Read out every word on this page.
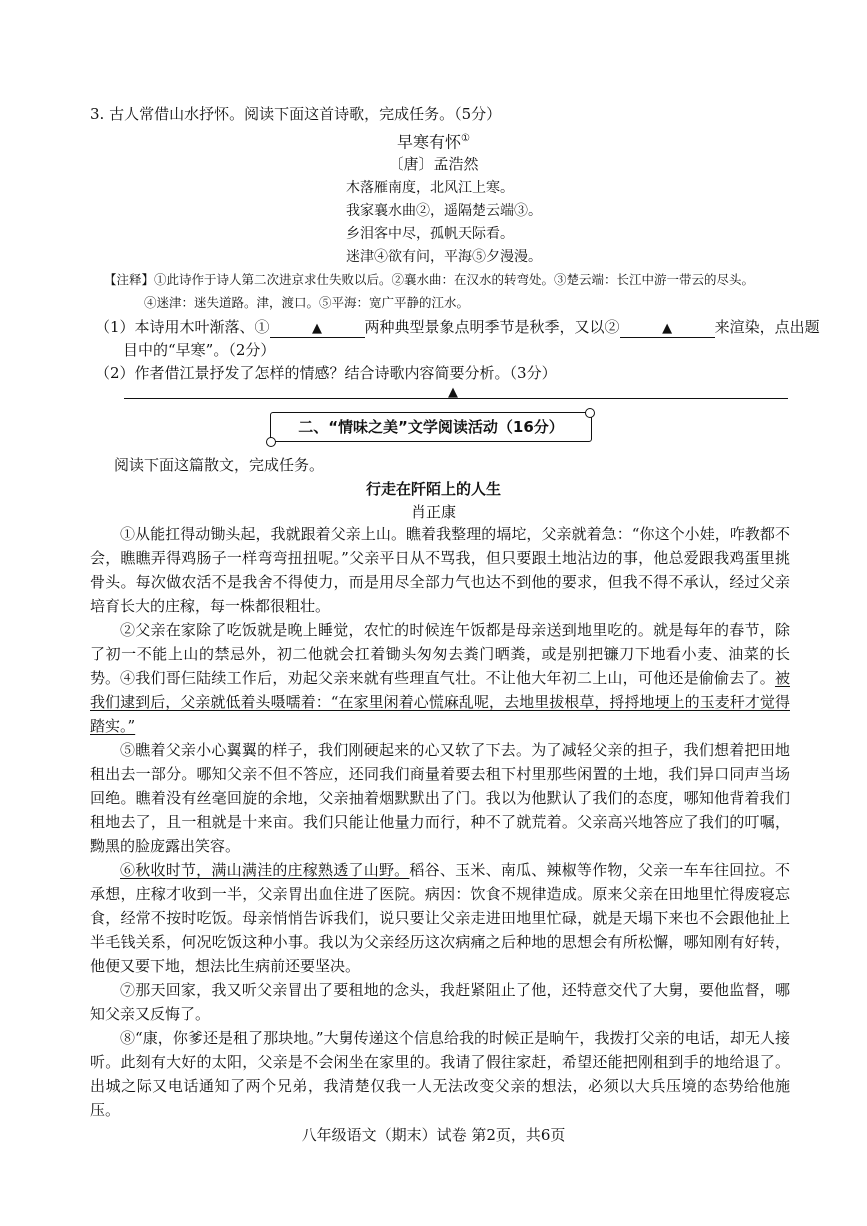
3. 古人常借山水抒怀。阅读下面这首诗歌，完成任务。（5分）
早寒有怀①
〔唐〕孟浩然
木落雁南度，北风江上寒。
我家襄水曲②，遥隔楚云端③。
乡泪客中尽，孤帆天际看。
迷津④欲有问，平海⑤夕漫漫。
【注释】①此诗作于诗人第二次进京求仕失败以后。②襄水曲：在汉水的转弯处。③楚云端：长江中游一带云的尽头。
④迷津：迷失道路。津，渡口。⑤平海：宽广平静的江水。
（1）本诗用木叶渐落、①	▲	两种典型景象点明季节是秋季，又以②	▲	来渲染，点出题
目中的“早寒”。（2分）
（2）作者借江景抒发了怎样的情感？结合诗歌内容简要分析。（3分）
▲
二、“情味之美”文学阅读活动（16分）
阅读下面这篇散文，完成任务。
行走在阡陌上的人生
肖正康
①从能扛得动锄头起，我就跟着父亲上山。瞧着我整理的塥坨，父亲就着急：“你这个小娃，咋教都不会，瞧瞧弄得鸡肠子一样弯弯扭扭呢。”父亲平日从不骂我，但只要跟土地沾边的事，他总爱跟我鸡蛋里挑骨头。每次做农活不是我舍不得使力，而是用尽全部力气也达不到他的要求，但我不得不承认，经过父亲培育长大的庄稼，每一株都很粗壮。
②父亲在家除了吃饭就是晚上睡觉，农忙的时候连午饭都是母亲送到地里吃的。就是每年的春节，除了初一不能上山的禁忌外，初二他就会扛着锄头匆匆去粪门晒粪，或是别把镰刀下地看小麦、油菜的长势。 ④我们哥仨陆续工作后，劝起父亲来就有些理直气壮。不让他大年初二上山，可他还是偷偷去了。被我们逮到后，父亲就低着头嗫嚅着：“在家里闲着心慌麻乱呢，去地里拔根草，捋捋地埂上的玉麦秆才觉得踏实。”
⑤瞧着父亲小心翼翼的样子，我们刚硬起来的心又软了下去。为了减轻父亲的担子，我们想着把田地租出去一部分。哪知父亲不但不答应，还同我们商量着要去租下村里那些闲置的土地，我们异口同声当场回绝。瞧着没有丝毫回旋的余地，父亲抽着烟默默出了门。我以为他默认了我们的态度，哪知他背着我们租地去了，且一租就是十来亩。我们只能让他量力而行，种不了就荒着。父亲高兴地答应了我们的叮嘱，黝黑的脸庞露出笑容。
⑥秋收时节，满山满洼的庄稼熟透了山野。稻谷、玉米、南瓜、辣椒等作物，父亲一车车往回拉。不承想，庄稼才收到一半，父亲胃出血住进了医院。病因：饮食不规律造成。原来父亲在田地里忙得废寝忘食，经常不按时吃饭。母亲悄悄告诉我们，说只要让父亲走进田地里忙碌，就是天塌下来也不会跟他扯上半毛钱关系，何况吃饭这种小事。我以为父亲经历这次病痛之后种地的思想会有所松懈，哪知刚有好转，他便又要下地，想法比生病前还要坚决。
⑦那天回家，我又听父亲冒出了要租地的念头，我赶紧阻止了他，还特意交代了大舅，要他监督，哪知父亲又反悔了。
⑧“康，你爹还是租了那块地。”大舅传递这个信息给我的时候正是晌午，我拨打父亲的电话，却无人接听。此刻有大好的太阳，父亲是不会闲坐在家里的。我请了假往家赶，希望还能把刚租到手的地给退了。出城之际又电话通知了两个兄弟，我清楚仅我一人无法改变父亲的想法，必须以大兵压境的态势给他施压。
八年级语文（期末）试卷 第2页，共6页
